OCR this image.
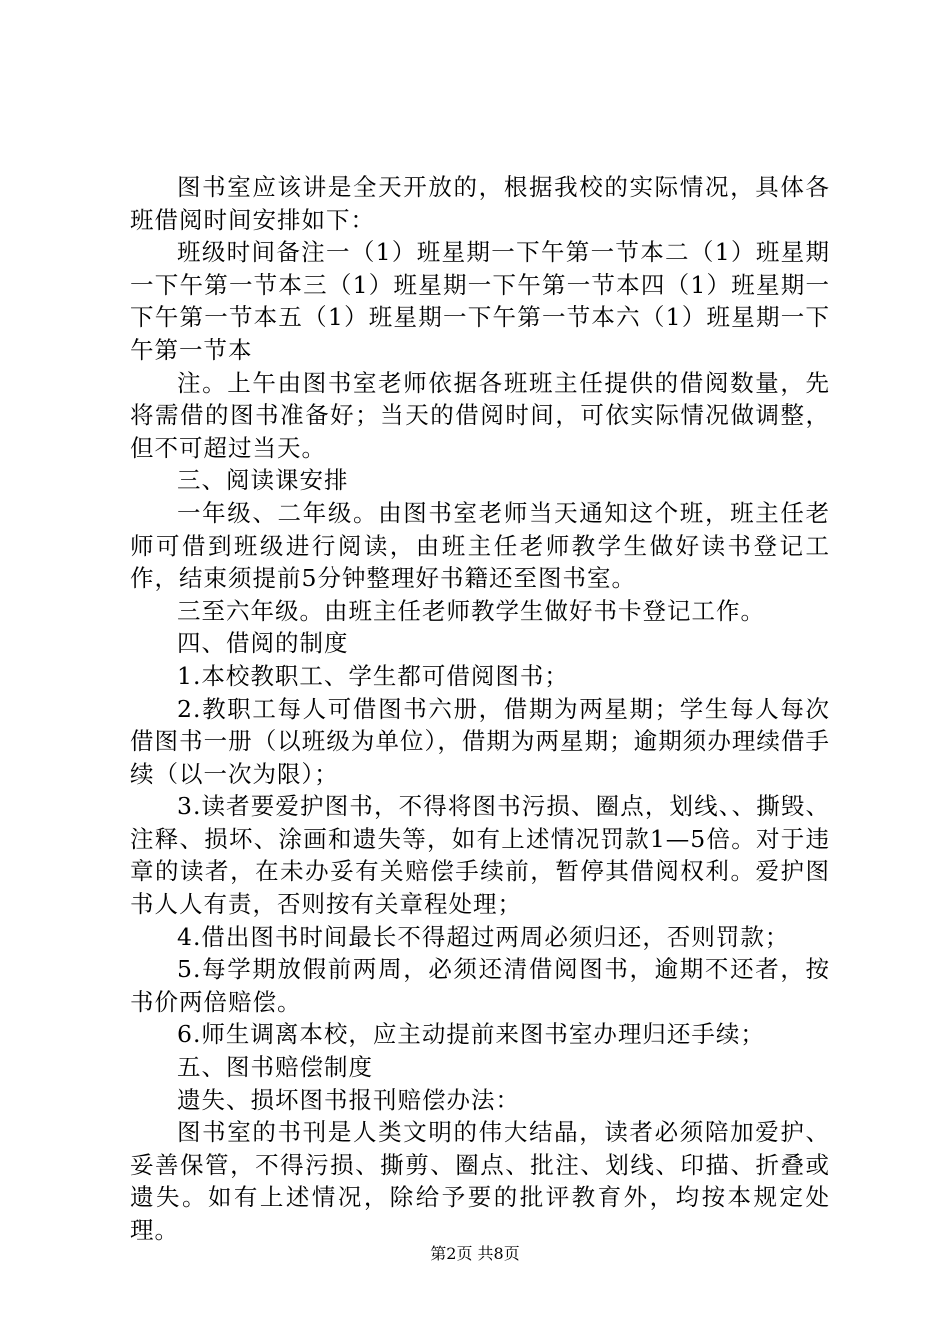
图书室应该讲是全天开放的，根据我校的实际情况，具体各班借阅时间安排如下：

班级时间备注一（1）班星期一下午第一节本二（1）班星期一下午第一节本三（1）班星期一下午第一节本四（1）班星期一下午第一节本五（1）班星期一下午第一节本六（1）班星期一下午第一节本

注。上午由图书室老师依据各班班主任提供的借阅数量，先将需借的图书准备好；当天的借阅时间，可依实际情况做调整，但不可超过当天。

三、阅读课安排

一年级、二年级。由图书室老师当天通知这个班，班主任老师可借到班级进行阅读，由班主任老师教学生做好读书登记工作，结束须提前5分钟整理好书籍还至图书室。

三至六年级。由班主任老师教学生做好书卡登记工作。

四、借阅的制度

1.本校教职工、学生都可借阅图书；

2.教职工每人可借图书六册，借期为两星期；学生每人每次借图书一册（以班级为单位），借期为两星期；逾期须办理续借手续（以一次为限）；

3.读者要爱护图书，不得将图书污损、圈点，划线、、撕毁、注释、损坏、涂画和遗失等，如有上述情况罚款1—5倍。对于违章的读者，在未办妥有关赔偿手续前，暂停其借阅权利。爱护图书人人有责，否则按有关章程处理；

4.借出图书时间最长不得超过两周必须归还，否则罚款；

5.每学期放假前两周，必须还清借阅图书，逾期不还者，按书价两倍赔偿。

6.师生调离本校，应主动提前来图书室办理归还手续；

五、图书赔偿制度

遗失、损坏图书报刊赔偿办法：

图书室的书刊是人类文明的伟大结晶，读者必须陪加爱护、妥善保管，不得污损、撕剪、圈点、批注、划线、印描、折叠或遗失。如有上述情况，除给予要的批评教育外，均按本规定处理。

第2页 共8页
